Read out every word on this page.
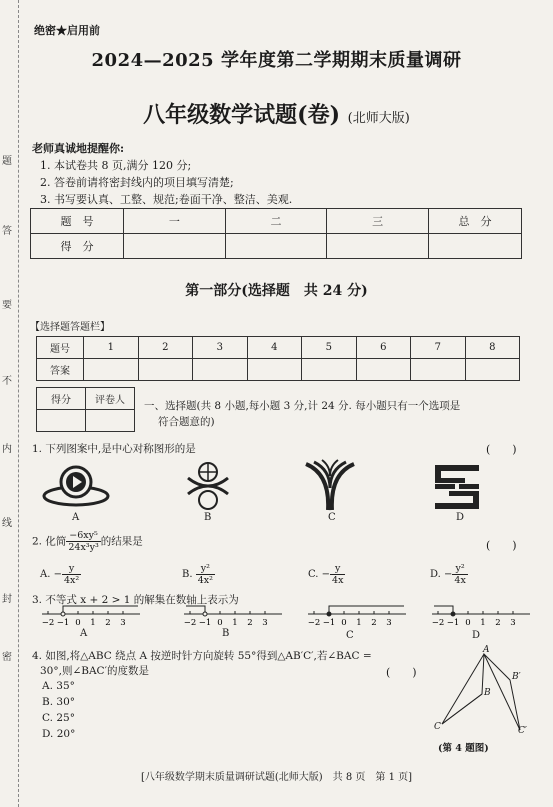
题
答
要
不
内
线
封
密
绝密★启用前
2024—2025 学年度第二学期期末质量调研
八年级数学试题(卷) (北师大版)
老师真诚地提醒你:
1. 本试卷共 8 页,满分 120 分;
2. 答卷前请将密封线内的项目填写清楚;
3. 书写要认真、工整、规范;卷面干净、整洁、美观.
题　号	一	二	三	总　分
得　分				
第一部分(选择题　共 24 分)
【选择题答题栏】
题号	1	2	3	4	5	6	7	8
答案								
得分	评卷人
	一、选择题(共 8 小题,每小题 3 分,计 24 分. 每小题只有一个选项是
符合题意的)
1. 下列图案中,是中心对称图形的是	(　　)
A	B	C	D
2. 化简 $\frac{\text{−6xy⁵}}{\text{24x³y³}}$ 的结果是	(　　)
A. − $\frac{y}{\text{4x²}}$	B. $\frac{\text{y²}}{\text{4x²}}$	C. − $\frac{y}{4x}$	D. − $\frac{\text{y²}}{4x}$
3. 不等式 x + 2 > 1 的解集在数轴上表示为
−2 −1 0 1 2 3	−2 −1 0 1 2 3	−2 −1 0 1 2 3	−2 −1 0 1 2 3
A	B	C	D
4. 如图,将△ABC 绕点 A 按逆时针方向旋转 55°得到△AB′C′,若∠BAC =
30°,则∠BAC′的度数是	(　　)
A. 35°
B. 30°
C. 25°
D. 20°
A
B
C
B′
C′
(第 4 题图)
[八年级数学期末质量调研试题(北师大版)　共 8 页　第 1 页]
